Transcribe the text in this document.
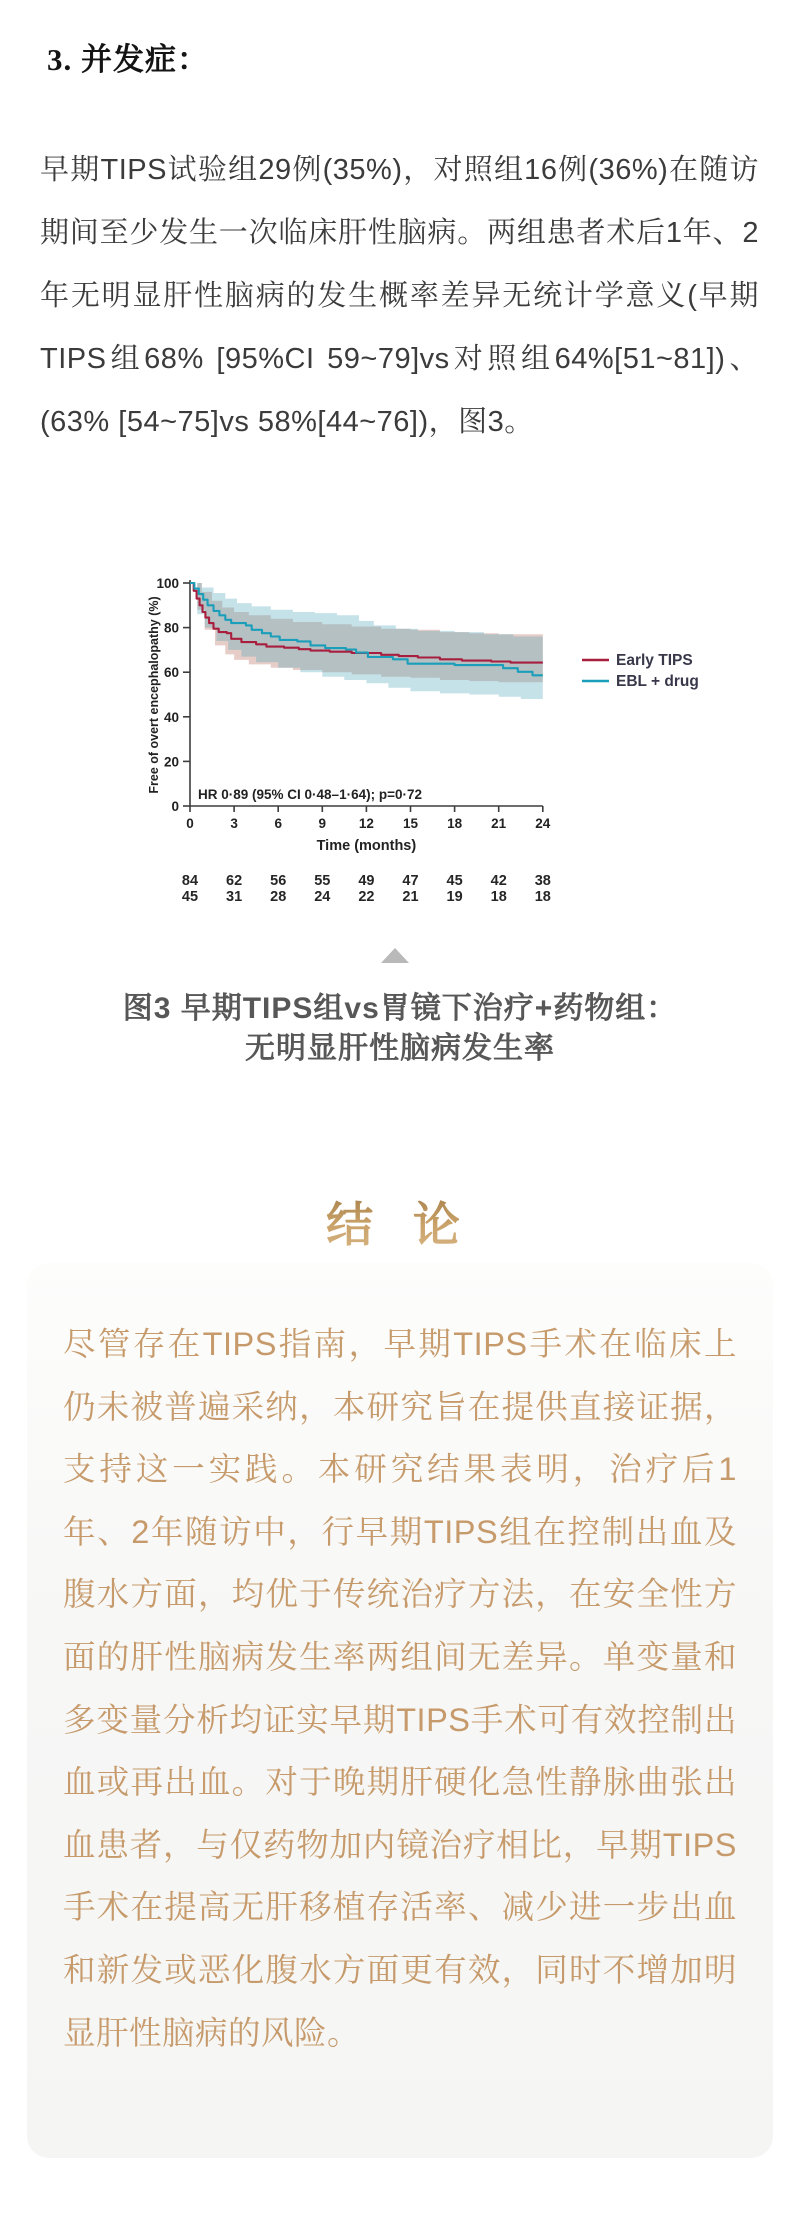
3. 并发症：

早期TIPS试验组29例(35%)，对照组16例(36%)在随访期间至少发生一次临床肝性脑病。两组患者术后1年、2年无明显肝性脑病的发生概率差异无统计学意义(早期TIPS组68% [95%CI 59~79]vs对照组64%[51~81])、(63% [54~75]vs 58%[44~76])，图3。

100
80
60
40
20
0
0	3	6	9 12 15 18 21 24
Time (months)
Free of overt encephalopathy (%)
HR 0·89 (95% CI 0·48–1·64); p=0·72
Early TIPS
EBL + drug
84 62 56 55 49 47 45 42 38
45 31 28 24 22 21 19 18 18

图3 早期TIPS组vs胃镜下治疗+药物组：

无明显肝性脑病发生率

结 论

尽管存在TIPS指南，早期TIPS手术在临床上仍未被普遍采纳，本研究旨在提供直接证据，支持这一实践。本研究结果表明，治疗后1年、2年随访中，行早期TIPS组在控制出血及腹水方面，均优于传统治疗方法，在安全性方面的肝性脑病发生率两组间无差异。单变量和多变量分析均证实早期TIPS手术可有效控制出血或再出血。对于晚期肝硬化急性静脉曲张出血患者，与仅药物加内镜治疗相比，早期TIPS手术在提高无肝移植存活率、减少进一步出血和新发或恶化腹水方面更有效，同时不增加明显肝性脑病的风险。
